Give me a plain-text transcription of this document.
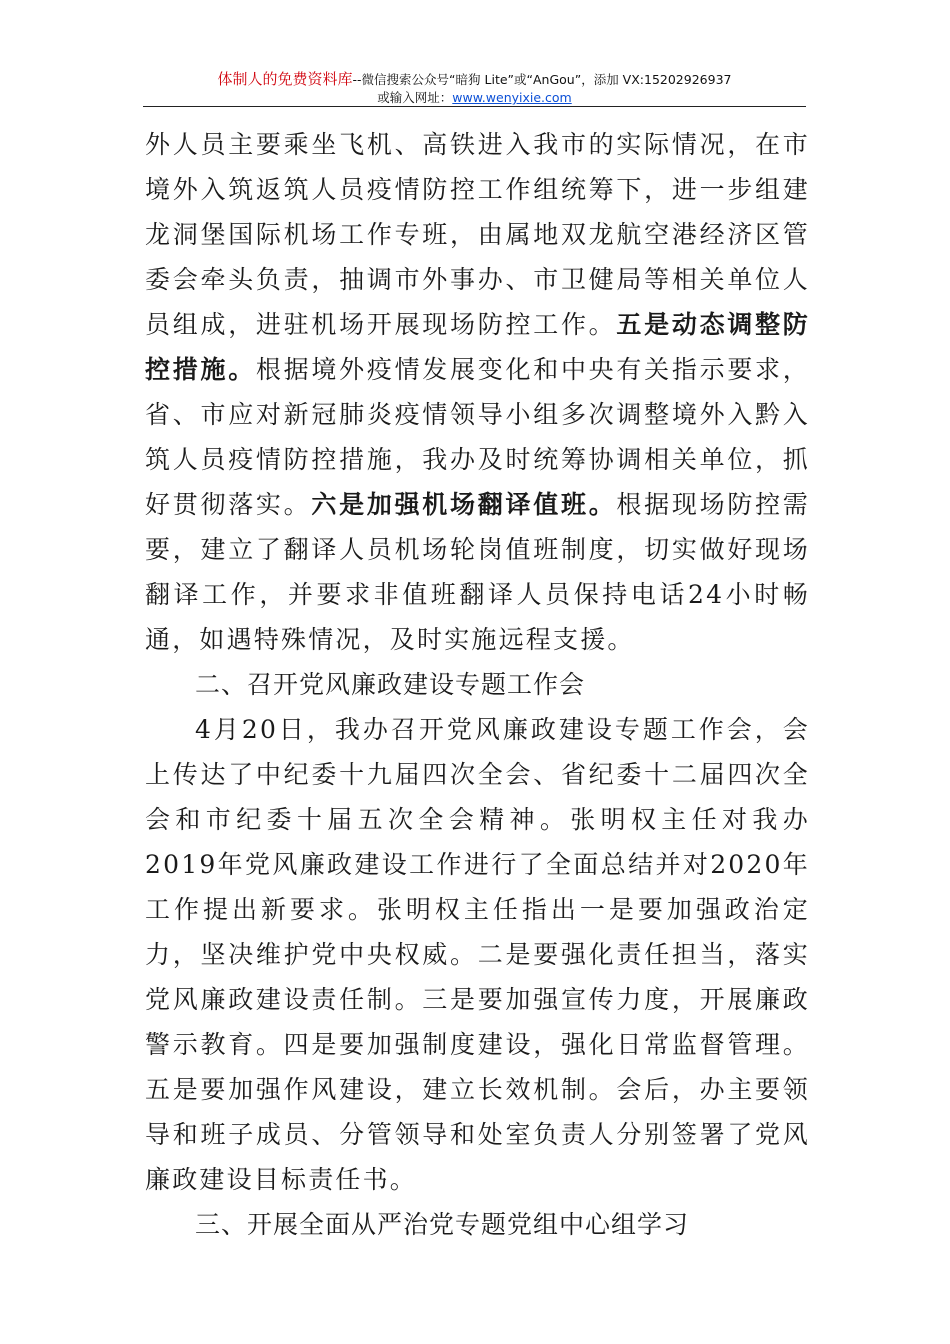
体制人的免费资料库--微信搜索公众号“暗狗 Lite”或“AnGou”，添加 VX:15202926937
或输入网址：www.wenyixie.com

外人员主要乘坐飞机、高铁进入我市的实际情况，在市境外入筑返筑人员疫情防控工作组统筹下，进一步组建龙洞堡国际机场工作专班，由属地双龙航空港经济区管委会牵头负责，抽调市外事办、市卫健局等相关单位人员组成，进驻机场开展现场防控工作。五是动态调整防控措施。根据境外疫情发展变化和中央有关指示要求，省、市应对新冠肺炎疫情领导小组多次调整境外入黔入筑人员疫情防控措施，我办及时统筹协调相关单位，抓好贯彻落实。六是加强机场翻译值班。根据现场防控需要，建立了翻译人员机场轮岗值班制度，切实做好现场翻译工作，并要求非值班翻译人员保持电话24小时畅通，如遇特殊情况，及时实施远程支援。

二、召开党风廉政建设专题工作会

4月20日，我办召开党风廉政建设专题工作会，会上传达了中纪委十九届四次全会、省纪委十二届四次全会和市纪委十届五次全会精神。张明权主任对我办2019年党风廉政建设工作进行了全面总结并对2020年工作提出新要求。张明权主任指出一是要加强政治定力，坚决维护党中央权威。二是要强化责任担当，落实党风廉政建设责任制。三是要加强宣传力度，开展廉政警示教育。四是要加强制度建设，强化日常监督管理。五是要加强作风建设，建立长效机制。会后，办主要领导和班子成员、分管领导和处室负责人分别签署了党风廉政建设目标责任书。

三、开展全面从严治党专题党组中心组学习
